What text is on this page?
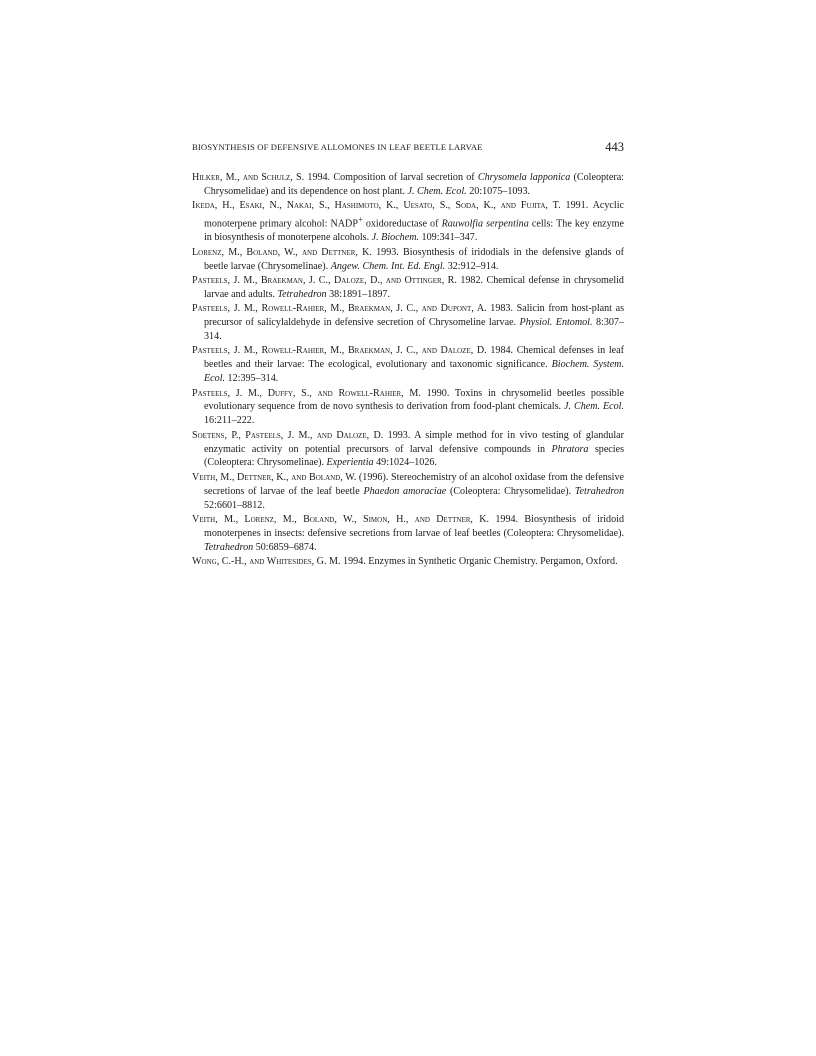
BIOSYNTHESIS OF DEFENSIVE ALLOMONES IN LEAF BEETLE LARVAE	443
Hilker, M., and Schulz, S. 1994. Composition of larval secretion of Chrysomela lapponica (Coleoptera: Chrysomelidae) and its dependence on host plant. J. Chem. Ecol. 20:1075–1093.
Ikeda, H., Esaki, N., Nakai, S., Hashimoto, K., Uesato, S., Soda, K., and Fujita, T. 1991. Acyclic monoterpene primary alcohol: NADP+ oxidoreductase of Rauwolfia serpentina cells: The key enzyme in biosynthesis of monoterpene alcohols. J. Biochem. 109:341–347.
Lorenz, M., Boland, W., and Dettner, K. 1993. Biosynthesis of iridodials in the defensive glands of beetle larvae (Chrysomelinae). Angew. Chem. Int. Ed. Engl. 32:912–914.
Pasteels, J. M., Braekman, J. C., Daloze, D., and Ottinger, R. 1982. Chemical defense in chrysomelid larvae and adults. Tetrahedron 38:1891–1897.
Pasteels, J. M., Rowell-Rahier, M., Braekman, J. C., and Dupont, A. 1983. Salicin from host-plant as precursor of salicylaldehyde in defensive secretion of Chrysomeline larvae. Physiol. Entomol. 8:307–314.
Pasteels, J. M., Rowell-Rahier, M., Braekman, J. C., and Daloze, D. 1984. Chemical defenses in leaf beetles and their larvae: The ecological, evolutionary and taxonomic significance. Biochem. System. Ecol. 12:395–314.
Pasteels, J. M., Duffy, S., and Rowell-Rahier, M. 1990. Toxins in chrysomelid beetles possible evolutionary sequence from de novo synthesis to derivation from food-plant chemicals. J. Chem. Ecol. 16:211–222.
Soetens, P., Pasteels, J. M., and Daloze, D. 1993. A simple method for in vivo testing of glandular enzymatic activity on potential precursors of larval defensive compounds in Phratora species (Coleoptera: Chrysomelinae). Experientia 49:1024–1026.
Veith, M., Dettner, K., and Boland, W. (1996). Stereochemistry of an alcohol oxidase from the defensive secretions of larvae of the leaf beetle Phaedon amoraciae (Coleoptera: Chrysomelidae). Tetrahedron 52:6601–8812.
Veith, M., Lorenz, M., Boland, W., Simon, H., and Dettner, K. 1994. Biosynthesis of iridoid monoterpenes in insects: defensive secretions from larvae of leaf beetles (Coleoptera: Chrysomelidae). Tetrahedron 50:6859–6874.
Wong, C.-H., and Whitesides, G. M. 1994. Enzymes in Synthetic Organic Chemistry. Pergamon, Oxford.
